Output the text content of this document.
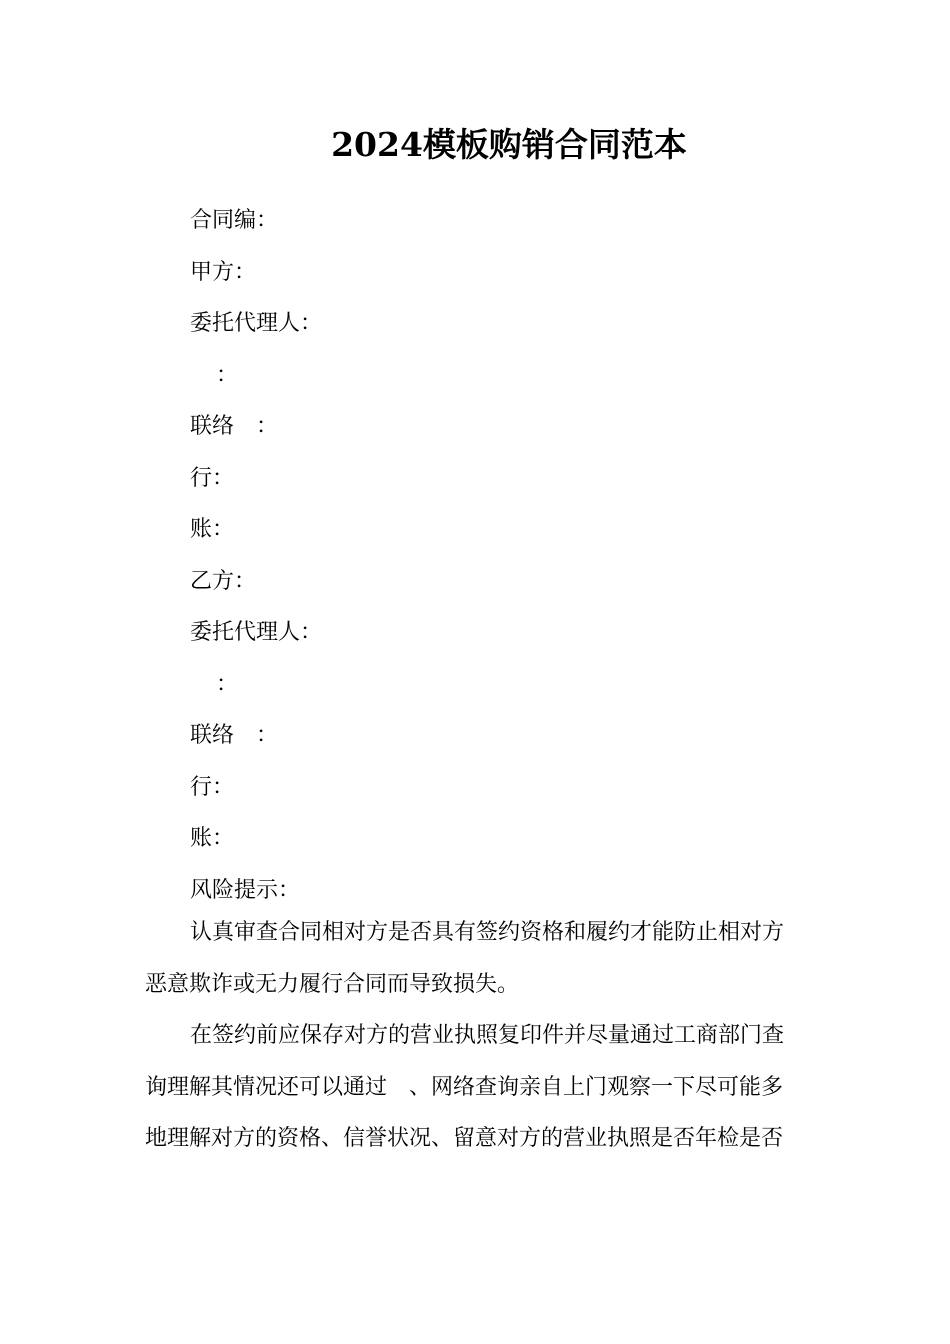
2024模板购销合同范本
合同编：
甲方：
委托代理人：
：
联络　：
行：
账：
乙方：
委托代理人：
：
联络　：
行：
账：
风险提示：

认真审查合同相对方是否具有签约资格和履约才能防止相对方
恶意欺诈或无力履行合同而导致损失。

在签约前应保存对方的营业执照复印件并尽量通过工商部门查
询理解其情况还可以通过　、网络查询亲自上门观察一下尽可能多
地理解对方的资格、信誉状况、留意对方的营业执照是否年检是否
